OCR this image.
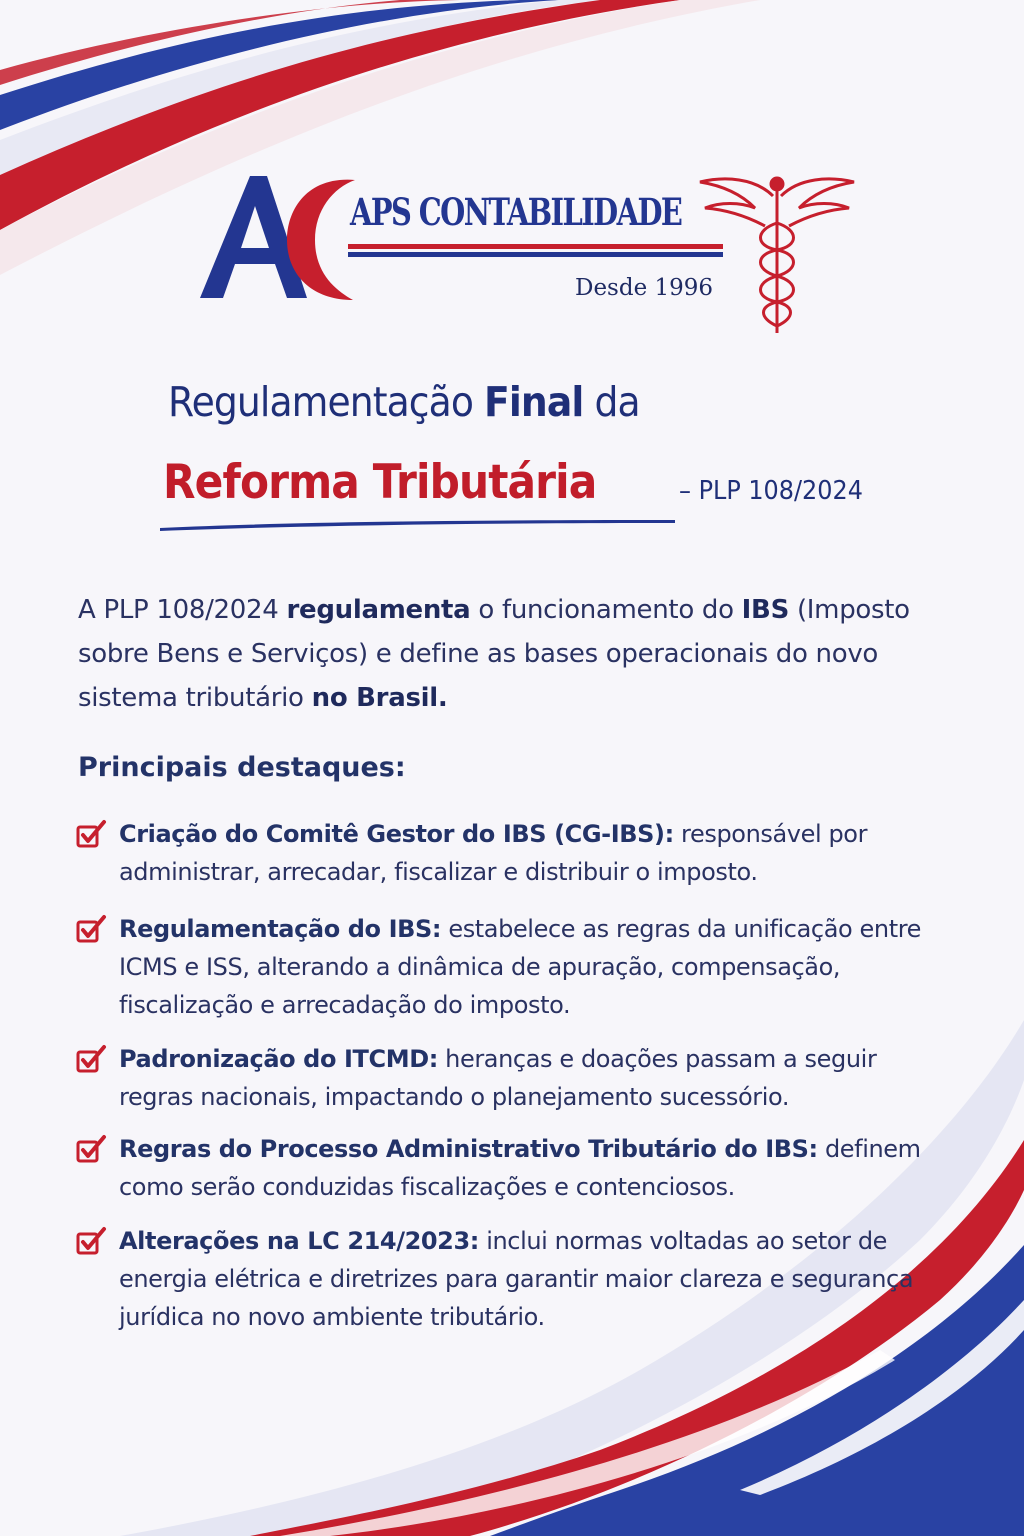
APS CONTABILIDADE
Desde 1996
Regulamentação Final da
Reforma Tributária	– PLP 108/2024
A PLP 108/2024 regulamenta o funcionamento do IBS (Imposto sobre Bens e Serviços) e define as bases operacionais do novo sistema tributário no Brasil.
Principais destaques:
Criação do Comitê Gestor do IBS (CG-IBS): responsável por administrar, arrecadar, fiscalizar e distribuir o imposto.
Regulamentação do IBS: estabelece as regras da unificação entre ICMS e ISS, alterando a dinâmica de apuração, compensação, fiscalização e arrecadação do imposto.
Padronização do ITCMD: heranças e doações passam a seguir regras nacionais, impactando o planejamento sucessório.
Regras do Processo Administrativo Tributário do IBS: definem como serão conduzidas fiscalizações e contenciosos.
Alterações na LC 214/2023: inclui normas voltadas ao setor de energia elétrica e diretrizes para garantir maior clareza e segurança jurídica no novo ambiente tributário.
